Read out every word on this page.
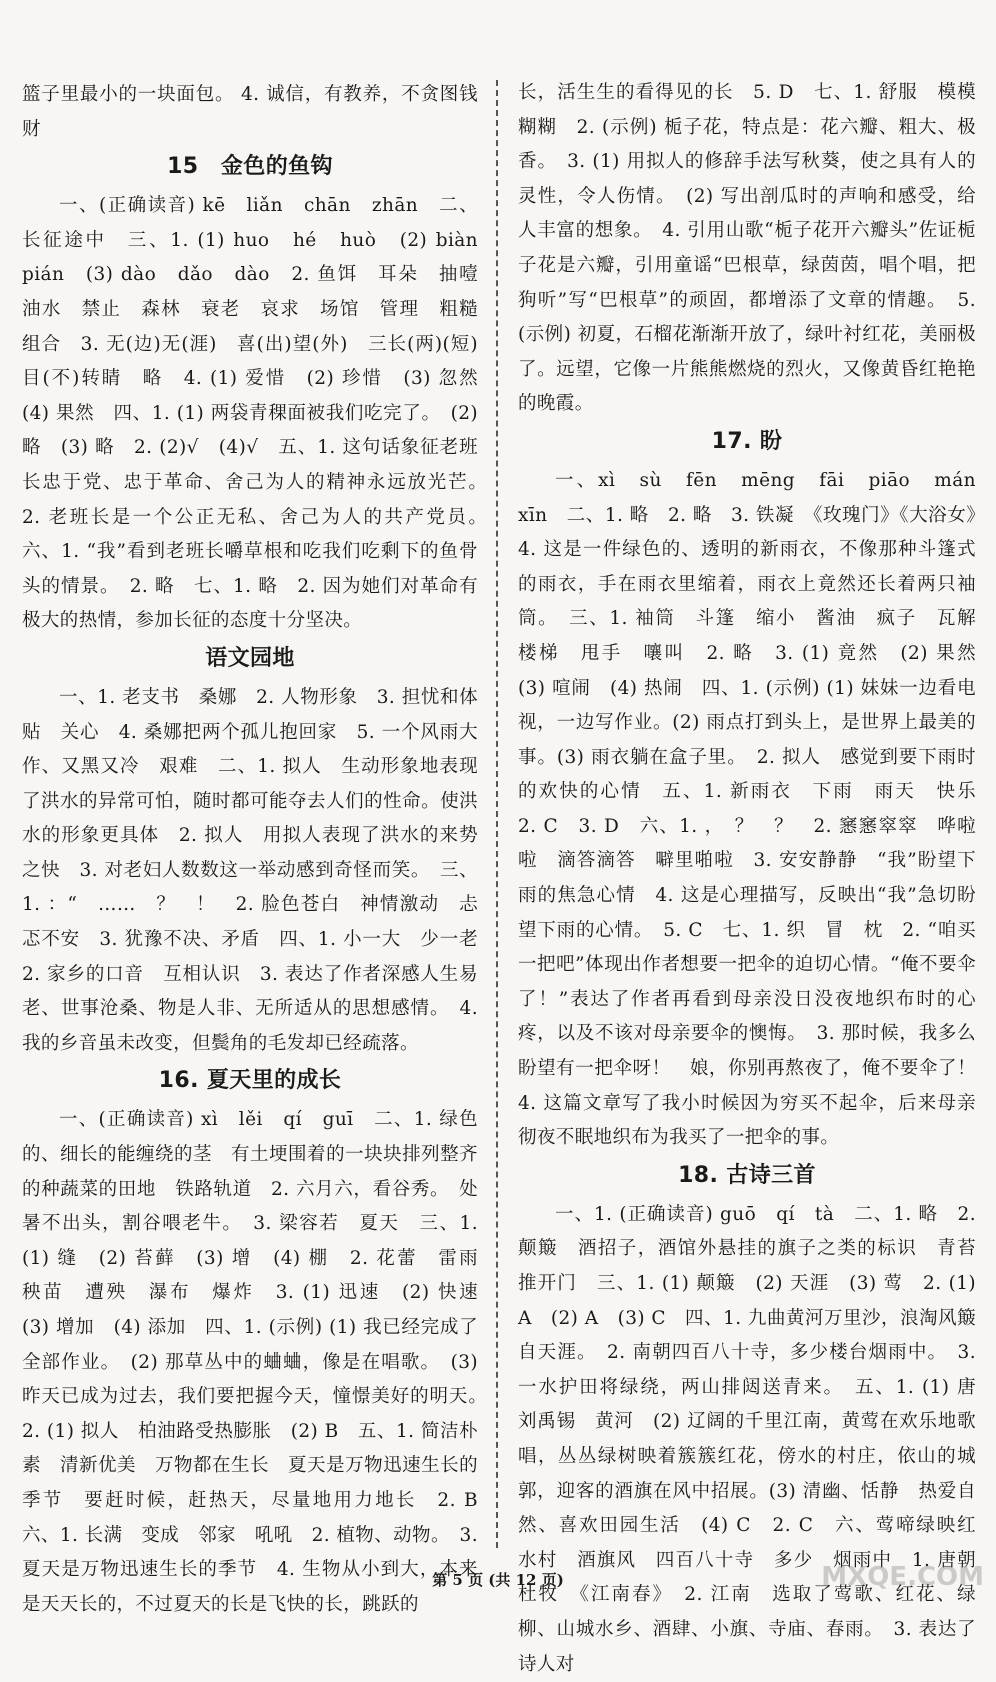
篮子里最小的一块面包。 4. 诚信，有教养，不贪图钱财

15　金色的鱼钩

一、(正确读音) kē　liǎn　chān　zhān　二、长征途中　三、1. (1) huo　hé　huò　(2) biàn　pián　(3) dào　dǎo　dào　2. 鱼饵　耳朵　抽噎　油水　禁止　森林　衰老　哀求　场馆　管理　粗糙　组合　3. 无(边)无(涯)　喜(出)望(外)　三长(两)(短)　目(不)转睛　略　4. (1) 爱惜　(2) 珍惜　(3) 忽然　(4) 果然　四、1. (1) 两袋青稞面被我们吃完了。　(2) 略　(3) 略　2. (2)√　(4)√　五、1. 这句话象征老班长忠于党、忠于革命、舍己为人的精神永远放光芒。　2. 老班长是一个公正无私、舍己为人的共产党员。　六、1. “我”看到老班长嚼草根和吃我们吃剩下的鱼骨头的情景。　2. 略　七、1. 略　2. 因为她们对革命有极大的热情，参加长征的态度十分坚决。

语文园地

一、1. 老支书　桑娜　2. 人物形象　3. 担忧和体贴　关心　4. 桑娜把两个孤儿抱回家　5. 一个风雨大作、又黑又冷　艰难　二、1. 拟人　生动形象地表现了洪水的异常可怕，随时都可能夺去人们的性命。使洪水的形象更具体　2. 拟人　用拟人表现了洪水的来势之快　3. 对老妇人数数这一举动感到奇怪而笑。　三、1. ：“　……　？　！　2. 脸色苍白　神情激动　忐忑不安　3. 犹豫不决、矛盾　四、1. 小一大　少一老　2. 家乡的口音　互相认识　3. 表达了作者深感人生易老、世事沧桑、物是人非、无所适从的思想感情。　4. 我的乡音虽未改变，但鬓角的毛发却已经疏落。

16. 夏天里的成长

一、(正确读音) xì　lěi　qí　guī　二、1. 绿色的、细长的能缠绕的茎　有土埂围着的一块块排列整齐的种蔬菜的田地　铁路轨道　2. 六月六，看谷秀。　处暑不出头，割谷喂老牛。　3. 梁容若　夏天　三、1. (1) 缝　(2) 苔藓　(3) 增　(4) 棚　2. 花蕾　雷雨　秧苗　遭殃　瀑布　爆炸　3. (1) 迅速　(2) 快速　(3) 增加　(4) 添加　四、1. (示例) (1) 我已经完成了全部作业。　(2) 那草丛中的蛐蛐，像是在唱歌。　(3) 昨天已成为过去，我们要把握今天，憧憬美好的明天。　2. (1) 拟人　柏油路受热膨胀　(2) B　五、1. 简洁朴素　清新优美　万物都在生长　夏天是万物迅速生长的季节　要赶时候，赶热天，尽量地用力地长　2. B　六、1. 长满　变成　邻家　吼吼　2. 植物、动物。　3. 夏天是万物迅速生长的季节　4. 生物从小到大，本来是天天长的，不过夏天的长是飞快的长，跳跃的

长，活生生的看得见的长　5. D　七、1. 舒服　模模糊糊　2. (示例) 栀子花，特点是：花六瓣、粗大、极香。　3. (1) 用拟人的修辞手法写秋葵，使之具有人的灵性，令人伤情。　(2) 写出剖瓜时的声响和感受，给人丰富的想象。　4. 引用山歌“栀子花开六瓣头”佐证栀子花是六瓣，引用童谣“巴根草，绿茵茵，唱个唱，把狗听”写“巴根草”的顽固，都增添了文章的情趣。　5. (示例) 初夏，石榴花渐渐开放了，绿叶衬红花，美丽极了。远望，它像一片熊熊燃烧的烈火，又像黄昏红艳艳的晚霞。

17. 盼

一、xì　sù　fēn　mēng　fāi　piāo　mán　xīn　二、1. 略　2. 略　3. 铁凝　《玫瑰门》《大浴女》　4. 这是一件绿色的、透明的新雨衣，不像那种斗篷式的雨衣，手在雨衣里缩着，雨衣上竟然还长着两只袖筒。　三、1. 袖筒　斗篷　缩小　酱油　疯子　瓦解　楼梯　甩手　嚷叫　2. 略　3. (1) 竟然　(2) 果然　(3) 喧闹　(4) 热闹　四、1. (示例) (1) 妹妹一边看电视，一边写作业。(2) 雨点打到头上，是世界上最美的事。(3) 雨衣躺在盒子里。　2. 拟人　感觉到要下雨时的欢快的心情　五、1. 新雨衣　下雨　雨天　快乐　2. C　3. D　六、1. ，　？　？　2. 窸窸窣窣　哗啦啦　滴答滴答　噼里啪啦　3. 安安静静　“我”盼望下雨的焦急心情　4. 这是心理描写，反映出“我”急切盼望下雨的心情。　5. C　七、1. 织　冒　枕　2. “咱买一把吧”体现出作者想要一把伞的迫切心情。“俺不要伞了！”表达了作者再看到母亲没日没夜地织布时的心疼，以及不该对母亲要伞的懊悔。　3. 那时候，我多么盼望有一把伞呀！　娘，你别再熬夜了，俺不要伞了！　4. 这篇文章写了我小时候因为穷买不起伞，后来母亲彻夜不眠地织布为我买了一把伞的事。

18. 古诗三首

一、1. (正确读音) guō　qí　tà　二、1. 略　2. 颠簸　酒招子，酒馆外悬挂的旗子之类的标识　青苔　推开门　三、1. (1) 颠簸　(2) 天涯　(3) 莺　2. (1) A　(2) A　(3) C　四、1. 九曲黄河万里沙，浪淘风簸自天涯。　2. 南朝四百八十寺，多少楼台烟雨中。　3. 一水护田将绿绕，两山排闼送青来。　五、1. (1) 唐　刘禹锡　黄河　(2) 辽阔的千里江南，黄莺在欢乐地歌唱，丛丛绿树映着簇簇红花，傍水的村庄，依山的城郭，迎客的酒旗在风中招展。(3) 清幽、恬静　热爱自然、喜欢田园生活　(4) C　2. C　六、莺啼绿映红　水村　酒旗风　四百八十寺　多少　烟雨中　1. 唐朝杜牧　《江南春》　2. 江南　选取了莺歌、红花、绿柳、山城水乡、酒肆、小旗、寺庙、春雨。　3. 表达了诗人对

第 5 页 (共 12 页)	MXQE.COM
